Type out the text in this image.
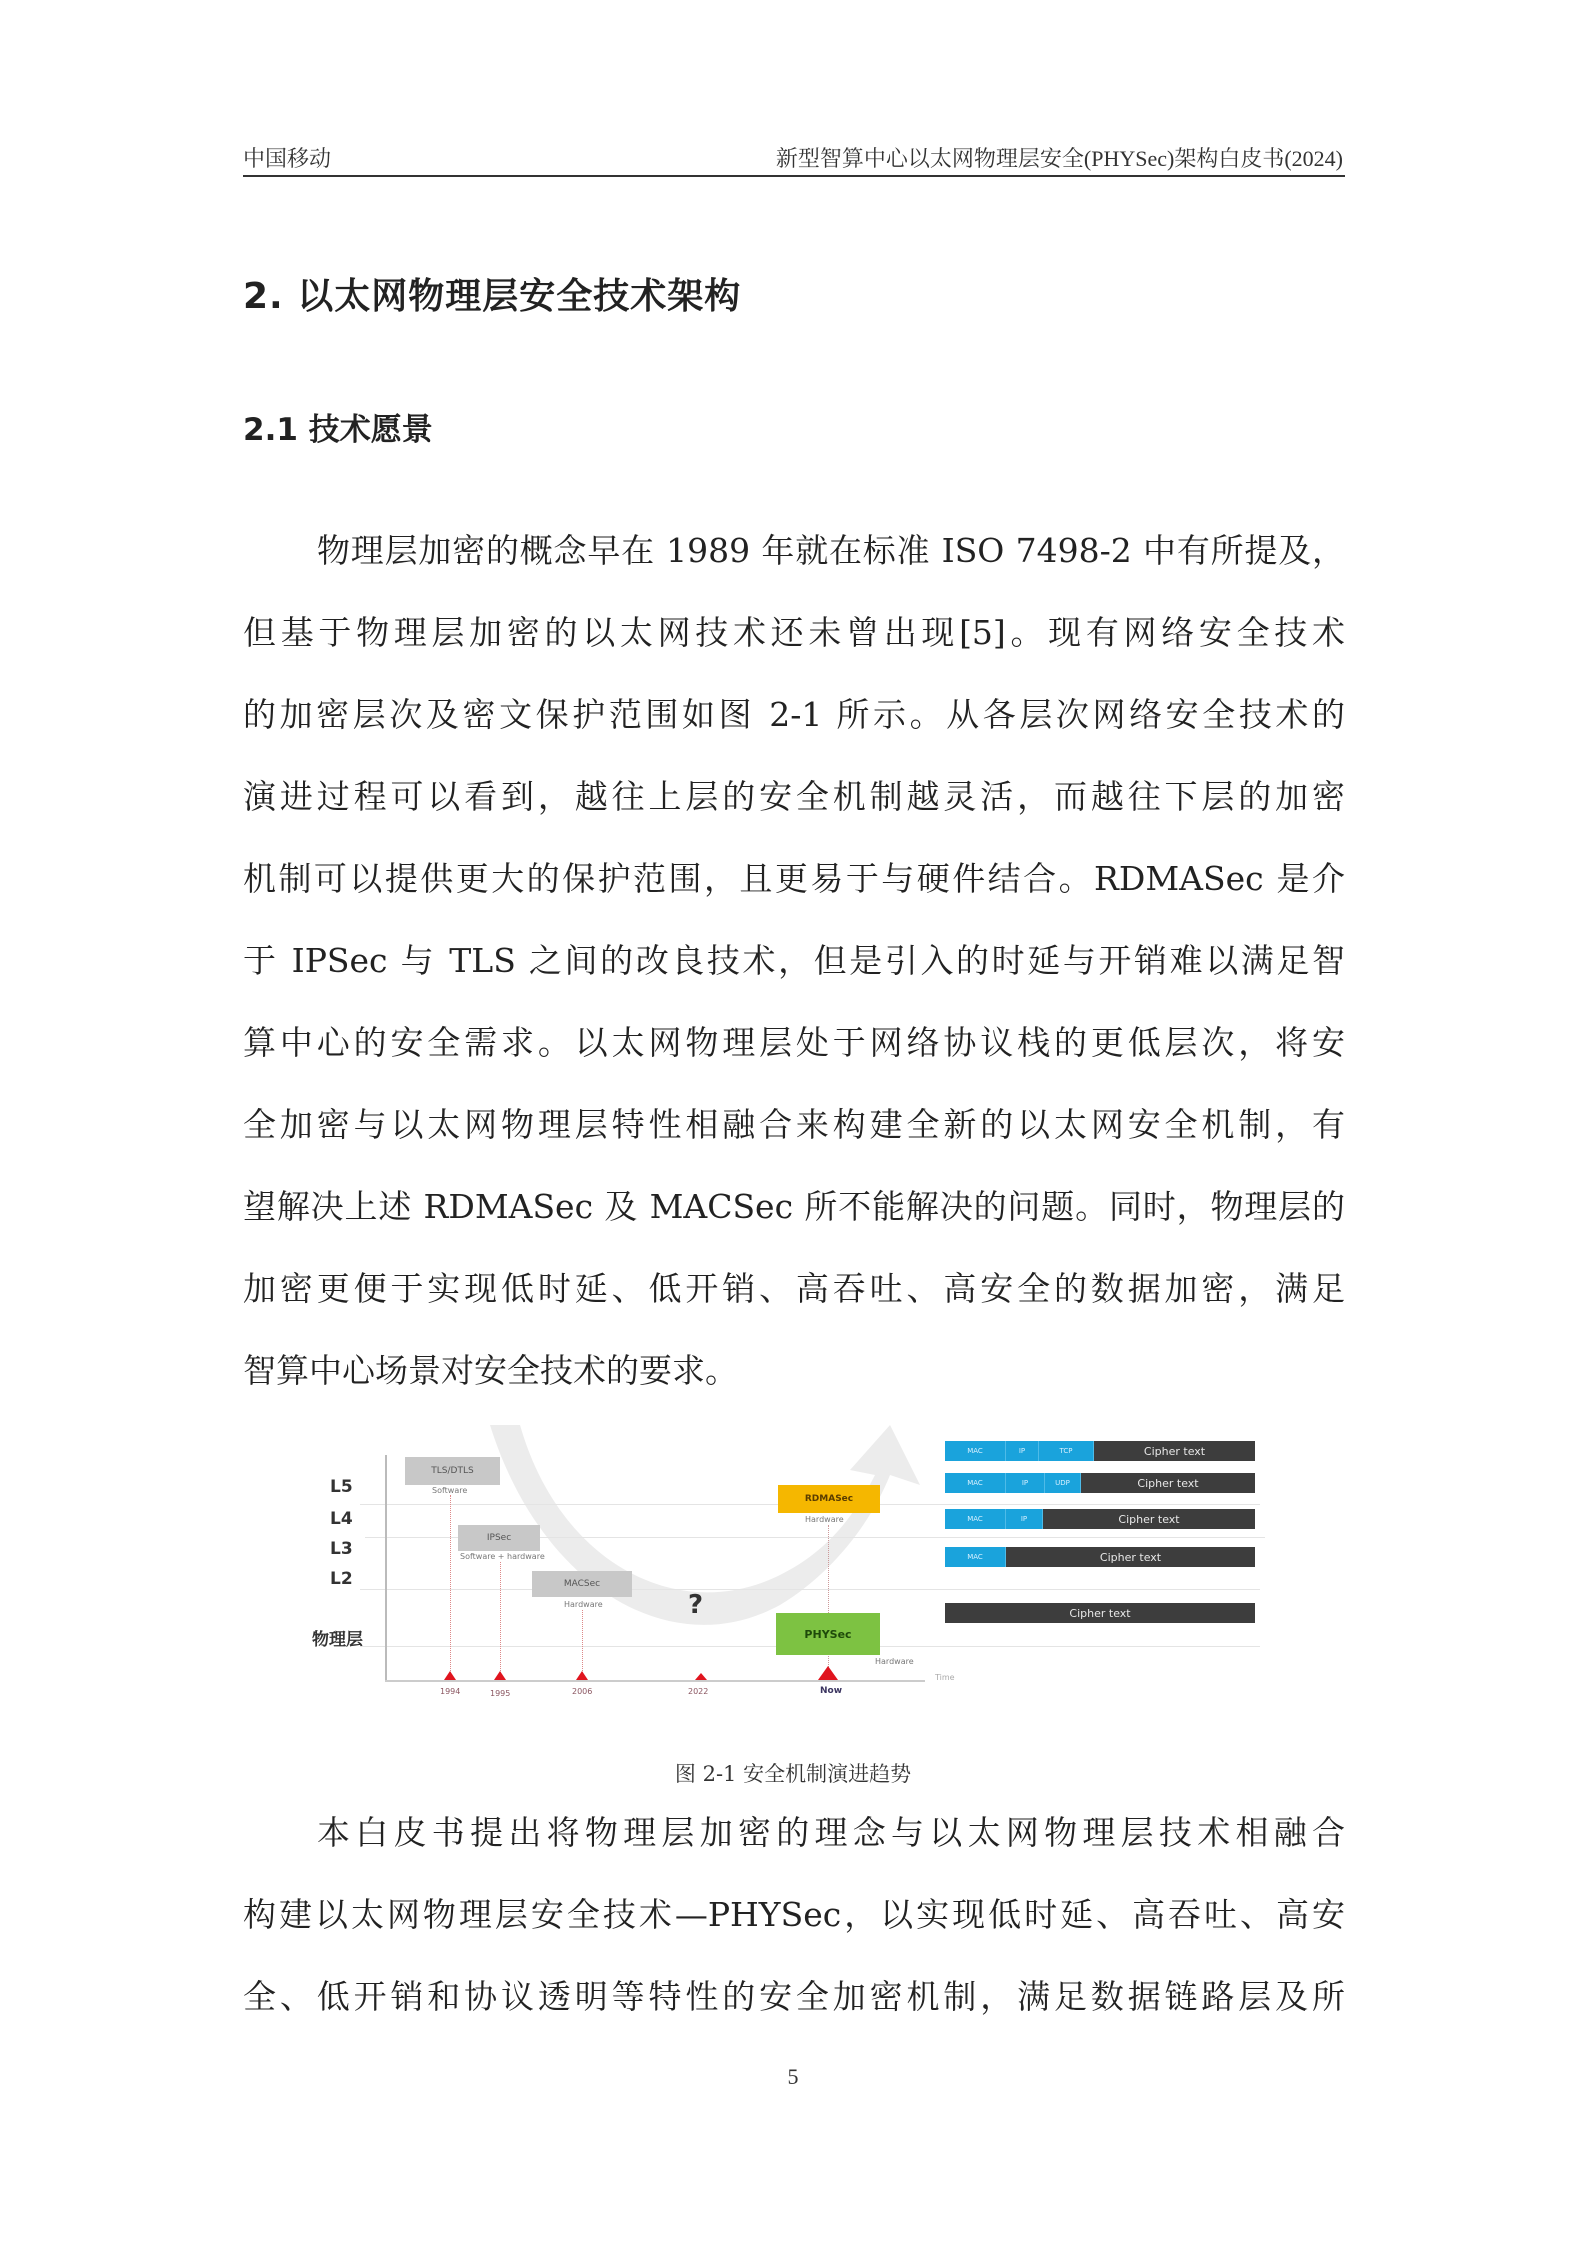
中国移动	新型智算中心以太网物理层安全(PHYSec)架构白皮书(2024)
2. 以太网物理层安全技术架构
2.1 技术愿景
物理层加密的概念早在 1989 年就在标准 ISO 7498-2 中有所提及，
但基于物理层加密的以太网技术还未曾出现[5]。现有网络安全技术
的加密层次及密文保护范围如图 2-1 所示。从各层次网络安全技术的
演进过程可以看到，越往上层的安全机制越灵活，而越往下层的加密
机制可以提供更大的保护范围，且更易于与硬件结合。RDMASec 是介
于 IPSec 与 TLS 之间的改良技术，但是引入的时延与开销难以满足智
算中心的安全需求。以太网物理层处于网络协议栈的更低层次，将安
全加密与以太网物理层特性相融合来构建全新的以太网安全机制，有
望解决上述 RDMASec 及 MACSec 所不能解决的问题。同时，物理层的
加密更便于实现低时延、低开销、高吞吐、高安全的数据加密，满足
智算中心场景对安全技术的要求。
L5
L4
L3
L2
物理层
Time
TLS/DTLS
Software
1994
IPSec
Software + hardware
1995
MACSec
Hardware
2006
?
2022
RDMASec
Hardware
PHYSec
Hardware
Now
MAC	IP	TCP	Cipher text
MAC	IP	UDP	Cipher text
MAC	IP	Cipher text
MAC	Cipher text
Cipher text
图 2-1 安全机制演进趋势
本白皮书提出将物理层加密的理念与以太网物理层技术相融合
构建以太网物理层安全技术—PHYSec，以实现低时延、高吞吐、高安
全、低开销和协议透明等特性的安全加密机制，满足数据链路层及所
5
